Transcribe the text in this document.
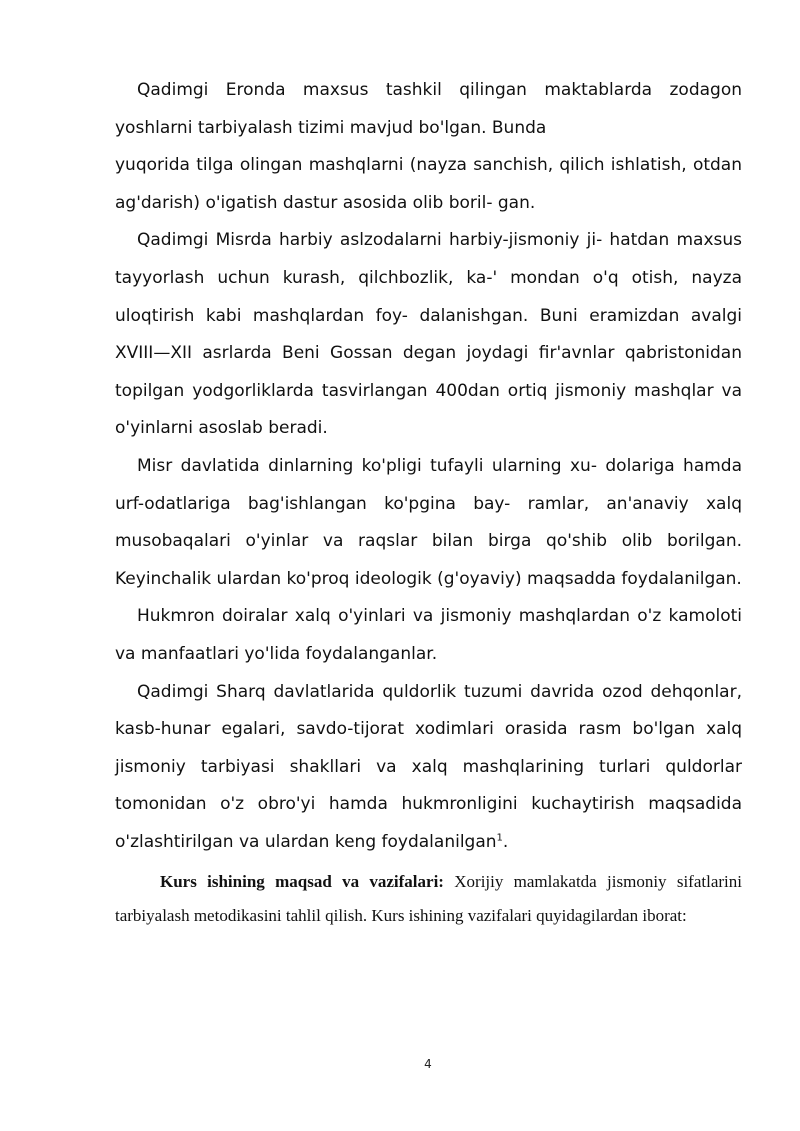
Qadimgi Eronda maxsus tashkil qilingan maktablarda zodagon yoshlarni tarbiyalash tizimi mavjud bo'lgan. Bunda
yuqorida tilga olingan mashqlarni (nayza sanchish, qilich ishlatish, otdan ag'darish) o'igatish dastur asosida olib boril- gan.

Qadimgi Misrda harbiy aslzodalarni harbiy-jismoniy ji- hatdan maxsus tayyorlash uchun kurash, qilchbozlik, ka-' mondan o'q otish, nayza uloqtirish kabi mashqlardan foy- dalanishgan. Buni eramizdan avalgi XVIII—XII asrlarda Beni Gossan degan joydagi fir'avnlar qabristonidan topilgan yodgorliklarda tasvirlangan 400dan ortiq jismoniy mashqlar va o'yinlarni asoslab beradi.

Misr davlatida dinlarning ko'pligi tufayli ularning xu- dolariga hamda urf-odatlariga bag'ishlangan ko'pgina bay- ramlar, an'anaviy xalq musobaqalari o'yinlar va raqslar bilan birga qo'shib olib borilgan. Keyinchalik ulardan ko'proq ideologik (g'oyaviy) maqsadda foydalanilgan.

Hukmron doiralar xalq o'yinlari va jismoniy mashqlardan o'z kamoloti va manfaatlari yo'lida foydalanganlar.

Qadimgi Sharq davlatlarida quldorlik tuzumi davrida ozod dehqonlar, kasb-hunar egalari, savdo-tijorat xodimlari orasida rasm bo'lgan xalq jismoniy tarbiyasi shakllari va xalq mashqlarining turlari quldorlar tomonidan o'z obro'yi hamda hukmronligini kuchaytirish maqsadida o'zlashtirilgan va ulardan keng foydalanilgan$^1$.

Kurs ishining maqsad va vazifalari: Xorijiy mamlakatda jismoniy sifatlarini tarbiyalash metodikasini tahlil qilish. Kurs ishining vazifalari quyidagilardan iborat:

4
